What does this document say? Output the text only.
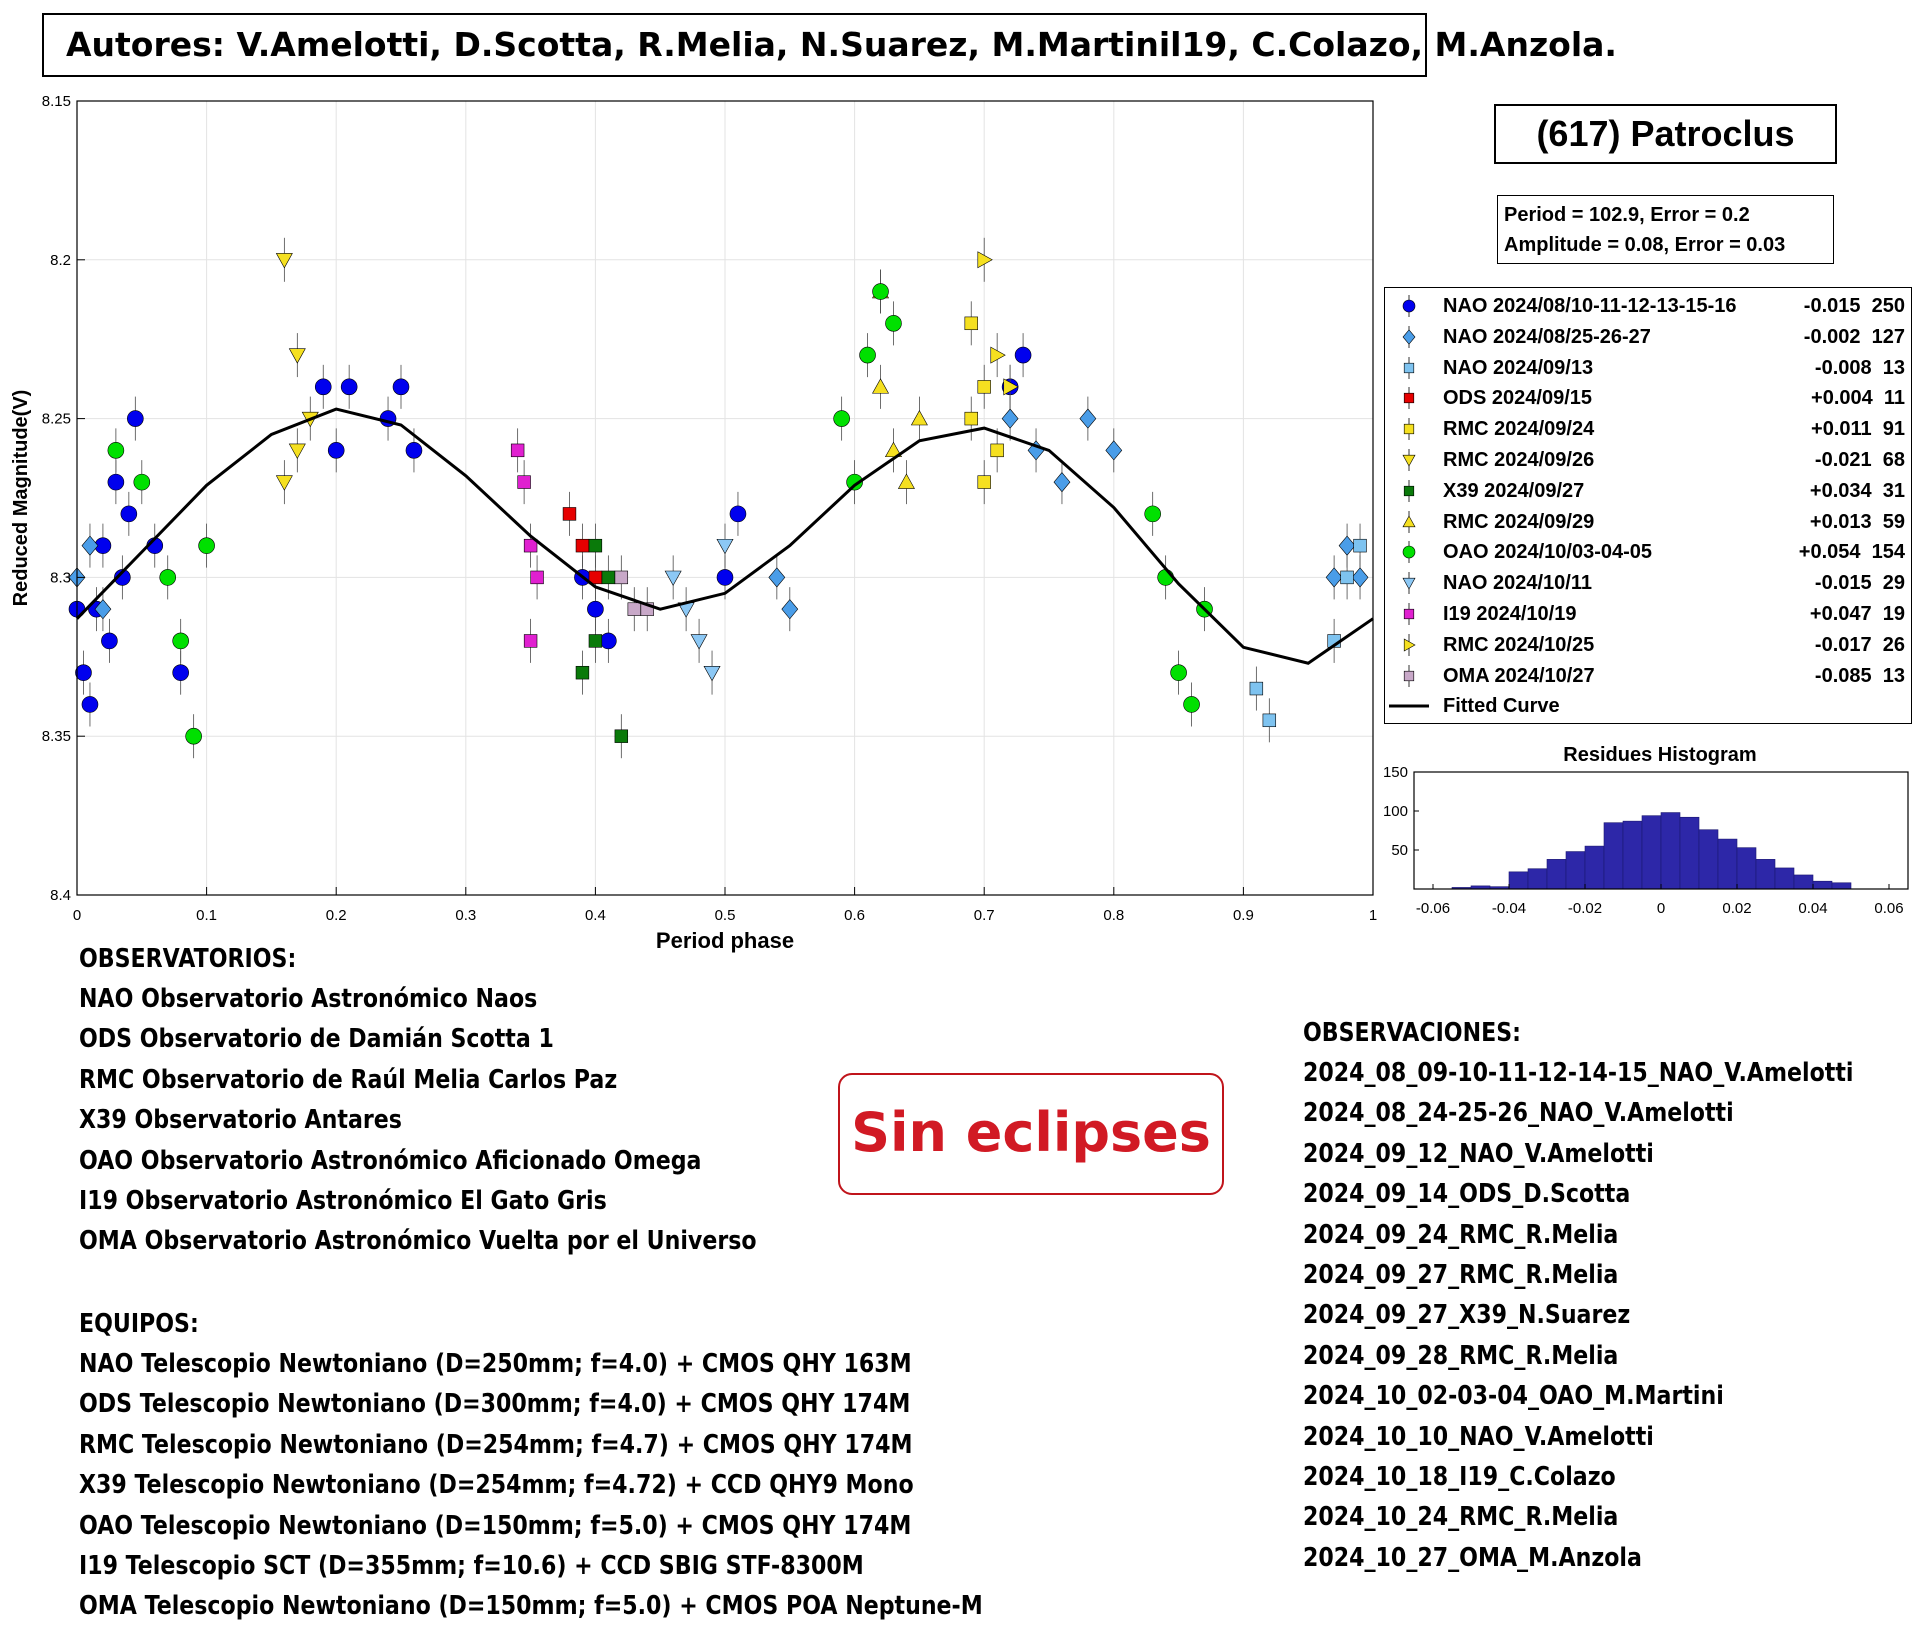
Autores: V.Amelotti, D.Scotta, R.Melia, N.Suarez, M.Martinil19, C.Colazo, M.Anzola.
0	0.1	0.2	0.3	0.4	0.5	0.6	0.7	0.8	0.9	1
8.15
8.2
8.25
8.3
8.35
8.4
Period phase
Reduced Magnitude(V)
Residues Histogram
-0.06	-0.04	-0.02	0	0.02	0.04	0.06
50
100
150
(617) Patroclus
Period = 102.9, Error = 0.2
Amplitude = 0.08, Error = 0.03
NAO 2024/08/10-11-12-13-15-16	-0.015  250
NAO 2024/08/25-26-27	-0.002  127
NAO 2024/09/13	-0.008  13
ODS 2024/09/15	+0.004  11
RMC 2024/09/24	+0.011  91
RMC 2024/09/26	-0.021  68
X39 2024/09/27	+0.034  31
RMC 2024/09/29	+0.013  59
OAO 2024/10/03-04-05	+0.054  154
NAO 2024/10/11	-0.015  29
I19 2024/10/19	+0.047  19
RMC 2024/10/25	-0.017  26
OMA 2024/10/27	-0.085  13
Fitted Curve
OBSERVATORIOS:
NAO Observatorio Astronómico Naos
ODS Observatorio de Damián Scotta 1
RMC Observatorio de Raúl Melia Carlos Paz
X39 Observatorio Antares
OAO Observatorio Astronómico Aficionado Omega
I19 Observatorio Astronómico El Gato Gris
OMA Observatorio Astronómico Vuelta por el Universo
EQUIPOS:
NAO Telescopio Newtoniano (D=250mm; f=4.0) + CMOS QHY 163M
ODS Telescopio Newtoniano (D=300mm; f=4.0) + CMOS QHY 174M
RMC Telescopio Newtoniano (D=254mm; f=4.7) + CMOS QHY 174M
X39 Telescopio Newtoniano (D=254mm; f=4.72) + CCD QHY9 Mono
OAO Telescopio Newtoniano (D=150mm; f=5.0) + CMOS QHY 174M
I19 Telescopio SCT (D=355mm; f=10.6) + CCD SBIG STF-8300M
OMA Telescopio Newtoniano (D=150mm; f=5.0) + CMOS POA Neptune-M
OBSERVACIONES:
2024_08_09-10-11-12-14-15_NAO_V.Amelotti
2024_08_24-25-26_NAO_V.Amelotti
2024_09_12_NAO_V.Amelotti
2024_09_14_ODS_D.Scotta
2024_09_24_RMC_R.Melia
2024_09_27_RMC_R.Melia
2024_09_27_X39_N.Suarez
2024_09_28_RMC_R.Melia
2024_10_02-03-04_OAO_M.Martini
2024_10_10_NAO_V.Amelotti
2024_10_18_I19_C.Colazo
2024_10_24_RMC_R.Melia
2024_10_27_OMA_M.Anzola
Sin eclipses
